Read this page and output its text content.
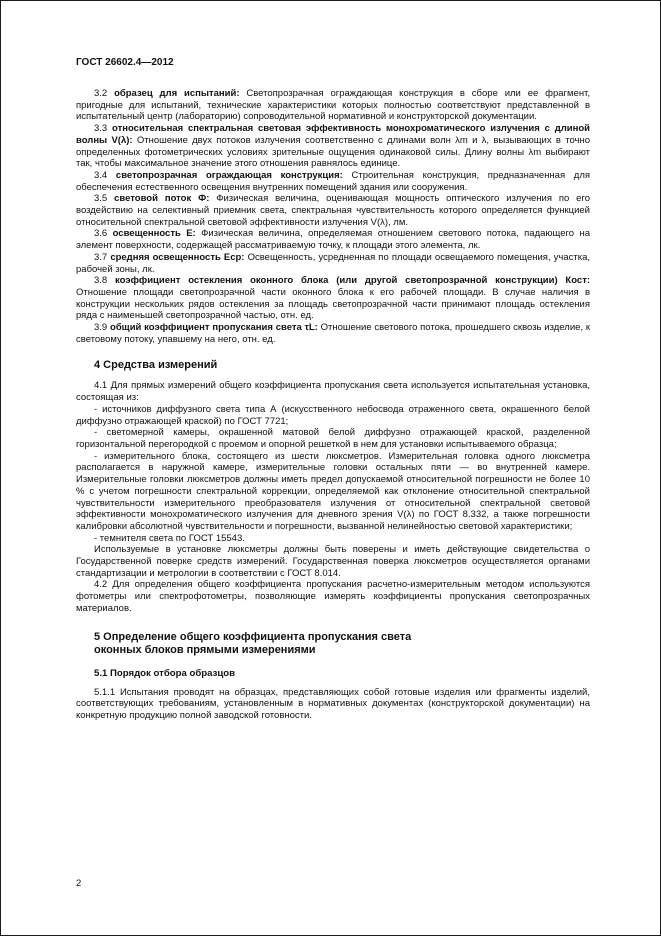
ГОСТ 26602.4—2012

3.2 образец для испытаний: Светопрозрачная ограждающая конструкция в сборе или ее фрагмент, пригодные для испытаний, технические характеристики которых полностью соответствуют представленной в испытательный центр (лабораторию) сопроводительной нормативной и конструкторской документации.

3.3 относительная спектральная световая эффективность монохроматического излучения с длиной волны V(λ): Отношение двух потоков излучения соответственно с длинами волн λm и λ, вызывающих в точно определенных фотометрических условиях зрительные ощущения одинаковой силы. Длину волны λm выбирают так, чтобы максимальное значение этого отношения равнялось единице.

3.4 светопрозрачная ограждающая конструкция: Строительная конструкция, предназначенная для обеспечения естественного освещения внутренних помещений здания или сооружения.

3.5 световой поток Ф: Физическая величина, оценивающая мощность оптического излучения по его воздействию на селективный приемник света, спектральная чувствительность которого определяется функцией относительной спектральной световой эффективности излучения V(λ), лм.

3.6 освещенность Е: Физическая величина, определяемая отношением светового потока, падающего на элемент поверхности, содержащей рассматриваемую точку, к площади этого элемента, лк.

3.7 средняя освещенность Еср: Освещенность, усредненная по площади освещаемого помещения, участка, рабочей зоны, лк.

3.8 коэффициент остекления оконного блока (или другой светопрозрачной конструкции) Кост: Отношение площади светопрозрачной части оконного блока к его рабочей площади. В случае наличия в конструкции нескольких рядов остекления за площадь светопрозрачной части принимают площадь остекления ряда с наименьшей светопрозрачной частью, отн. ед.

3.9 общий коэффициент пропускания света τL: Отношение светового потока, прошедшего сквозь изделие, к световому потоку, упавшему на него, отн. ед.

4 Средства измерений

4.1 Для прямых измерений общего коэффициента пропускания света используется испытательная установка, состоящая из:

- источников диффузного света типа А (искусственного небосвода отраженного света, окрашенного белой диффузно отражающей краской) по ГОСТ 7721;

- светомерной камеры, окрашенной матовой белой диффузно отражающей краской, разделенной горизонтальной перегородкой с проемом и опорной решеткой в нем для установки испытываемого образца;

- измерительного блока, состоящего из шести люксметров. Измерительная головка одного люксметра располагается в наружной камере, измерительные головки остальных пяти — во внутренней камере. Измерительные головки люксметров должны иметь предел допускаемой относительной погрешности не более 10 % с учетом погрешности спектральной коррекции, определяемой как отклонение относительной спектральной чувствительности измерительного преобразователя излучения от относительной спектральной световой эффективности монохроматического излучения для дневного зрения V(λ) по ГОСТ 8.332, а также погрешности калибровки абсолютной чувствительности и погрешности, вызванной нелинейностью световой характеристики;

- темнителя света по ГОСТ 15543.

Используемые в установке люксметры должны быть поверены и иметь действующие свидетельства о Государственной поверке средств измерений. Государственная поверка люксметров осуществляется органами стандартизации и метрологии в соответствии с ГОСТ 8.014.

4.2 Для определения общего коэффициента пропускания расчетно-измерительным методом используются фотометры или спектрофотометры, позволяющие измерять коэффициенты пропускания светопрозрачных материалов.

5 Определение общего коэффициента пропускания света
оконных блоков прямыми измерениями
5.1 Порядок отбора образцов

5.1.1 Испытания проводят на образцах, представляющих собой готовые изделия или фрагменты изделий, соответствующих требованиям, установленным в нормативных документах (конструкторской документации) на конкретную продукцию полной заводской готовности.

2
